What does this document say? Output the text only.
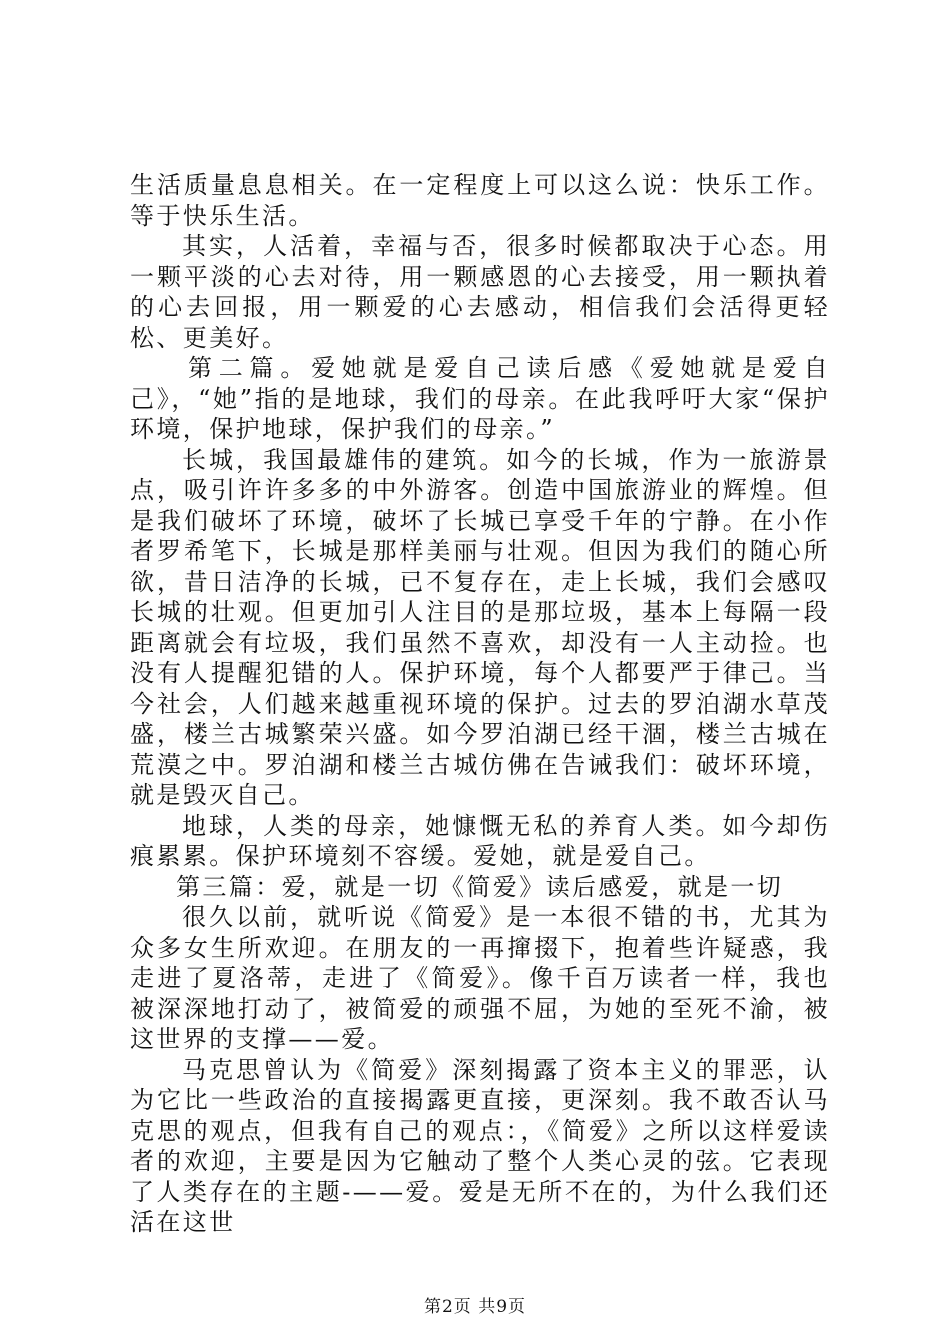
生活质量息息相关。在一定程度上可以这么说：快乐工作。等于快乐生活。

其实，人活着，幸福与否，很多时候都取决于心态。用一颗平淡的心去对待，用一颗感恩的心去接受，用一颗执着的心去回报，用一颗爱的心去感动，相信我们会活得更轻松、更美好。

第二篇。爱她就是爱自己读后感《爱她就是爱自己》，“她”指的是地球，我们的母亲。在此我呼吁大家“保护环境，保护地球，保护我们的母亲。”

长城，我国最雄伟的建筑。如今的长城，作为一旅游景点，吸引许许多多的中外游客。创造中国旅游业的辉煌。但是我们破坏了环境，破坏了长城已享受千年的宁静。在小作者罗希笔下，长城是那样美丽与壮观。但因为我们的随心所欲，昔日洁净的长城，已不复存在，走上长城，我们会感叹长城的壮观。但更加引人注目的是那垃圾，基本上每隔一段距离就会有垃圾，我们虽然不喜欢，却没有一人主动捡。也没有人提醒犯错的人。保护环境，每个人都要严于律己。当今社会，人们越来越重视环境的保护。过去的罗泊湖水草茂盛，楼兰古城繁荣兴盛。如今罗泊湖已经干涸，楼兰古城在荒漠之中。罗泊湖和楼兰古城仿佛在告诫我们：破坏环境，就是毁灭自己。

地球，人类的母亲，她慷慨无私的养育人类。如今却伤痕累累。保护环境刻不容缓。爱她，就是爱自己。

第三篇：爱，就是一切《简爱》读后感爱，就是一切

很久以前，就听说《简爱》是一本很不错的书，尤其为众多女生所欢迎。在朋友的一再撺掇下，抱着些许疑惑，我走进了夏洛蒂，走进了《简爱》。像千百万读者一样，我也被深深地打动了，被简爱的顽强不屈，为她的至死不渝，被这世界的支撑——爱。

马克思曾认为《简爱》深刻揭露了资本主义的罪恶，认为它比一些政治的直接揭露更直接，更深刻。我不敢否认马克思的观点，但我有自己的观点：，《简爱》之所以这样爱读者的欢迎，主要是因为它触动了整个人类心灵的弦。它表现了人类存在的主题-——爱。爱是无所不在的，为什么我们还活在这世

第2页 共9页
